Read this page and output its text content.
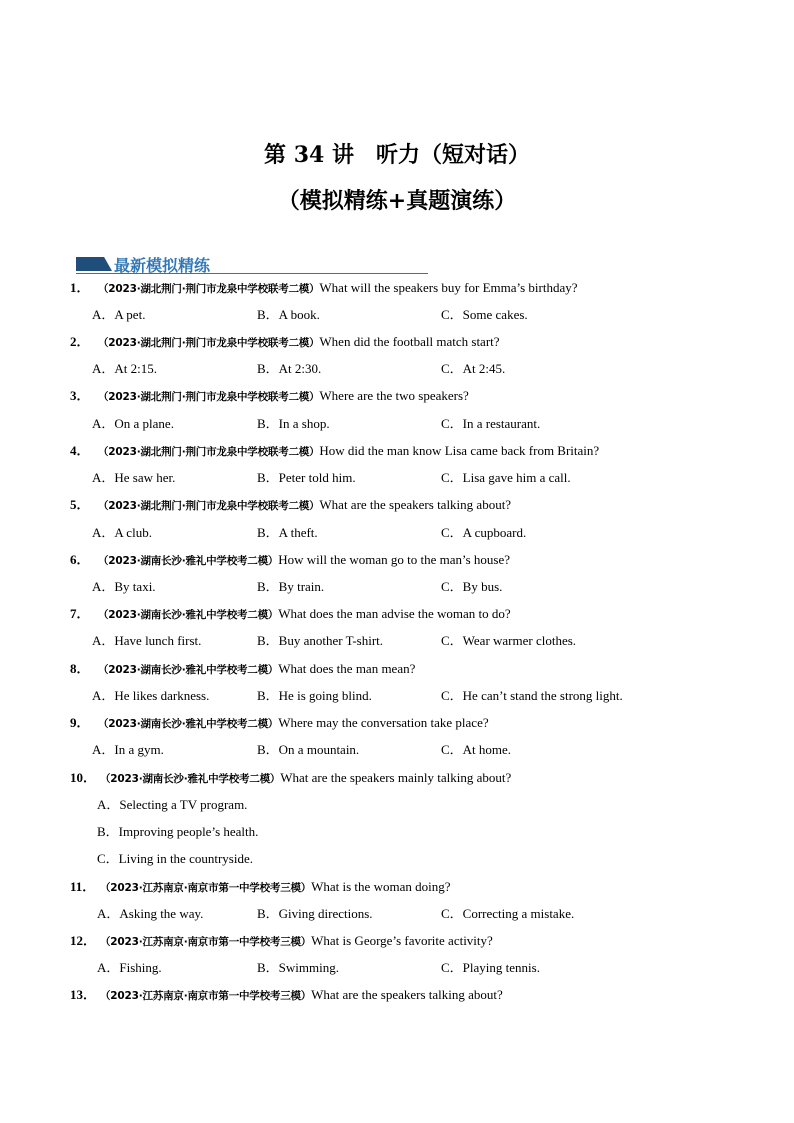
第 34 讲　听力（短对话）
（模拟精练+真题演练）
最新模拟精练
1． （2023·湖北荆门·荆门市龙泉中学校联考二模）What will the speakers buy for Emma’s birthday?
A．A pet.	B．A book.	C．Some cakes.
2． （2023·湖北荆门·荆门市龙泉中学校联考二模）When did the football match start?
A．At 2:15.	B．At 2:30.	C．At 2:45.
3． （2023·湖北荆门·荆门市龙泉中学校联考二模）Where are the two speakers?
A．On a plane.	B．In a shop.	C．In a restaurant.
4． （2023·湖北荆门·荆门市龙泉中学校联考二模）How did the man know Lisa came back from Britain?
A．He saw her.	B．Peter told him.	C．Lisa gave him a call.
5． （2023·湖北荆门·荆门市龙泉中学校联考二模）What are the speakers talking about?
A．A club.	B．A theft.	C．A cupboard.
6． （2023·湖南长沙·雅礼中学校考二模）How will the woman go to the man’s house?
A．By taxi.	B．By train.	C．By bus.
7． （2023·湖南长沙·雅礼中学校考二模）What does the man advise the woman to do?
A．Have lunch first.	B．Buy another T-shirt.	C．Wear warmer clothes.
8． （2023·湖南长沙·雅礼中学校考二模）What does the man mean?
A．He likes darkness.	B．He is going blind.	C．He can’t stand the strong light.
9． （2023·湖南长沙·雅礼中学校考二模）Where may the conversation take place?
A．In a gym.	B．On a mountain.	C．At home.
10． （2023·湖南长沙·雅礼中学校考二模）What are the speakers mainly talking about?
A．Selecting a TV program.
B．Improving people’s health.
C．Living in the countryside.
11． （2023·江苏南京·南京市第一中学校考三模）What is the woman doing?
A．Asking the way.	B．Giving directions.	C．Correcting a mistake.
12． （2023·江苏南京·南京市第一中学校考三模）What is George’s favorite activity?
A．Fishing.	B．Swimming.	C．Playing tennis.
13． （2023·江苏南京·南京市第一中学校考三模）What are the speakers talking about?
